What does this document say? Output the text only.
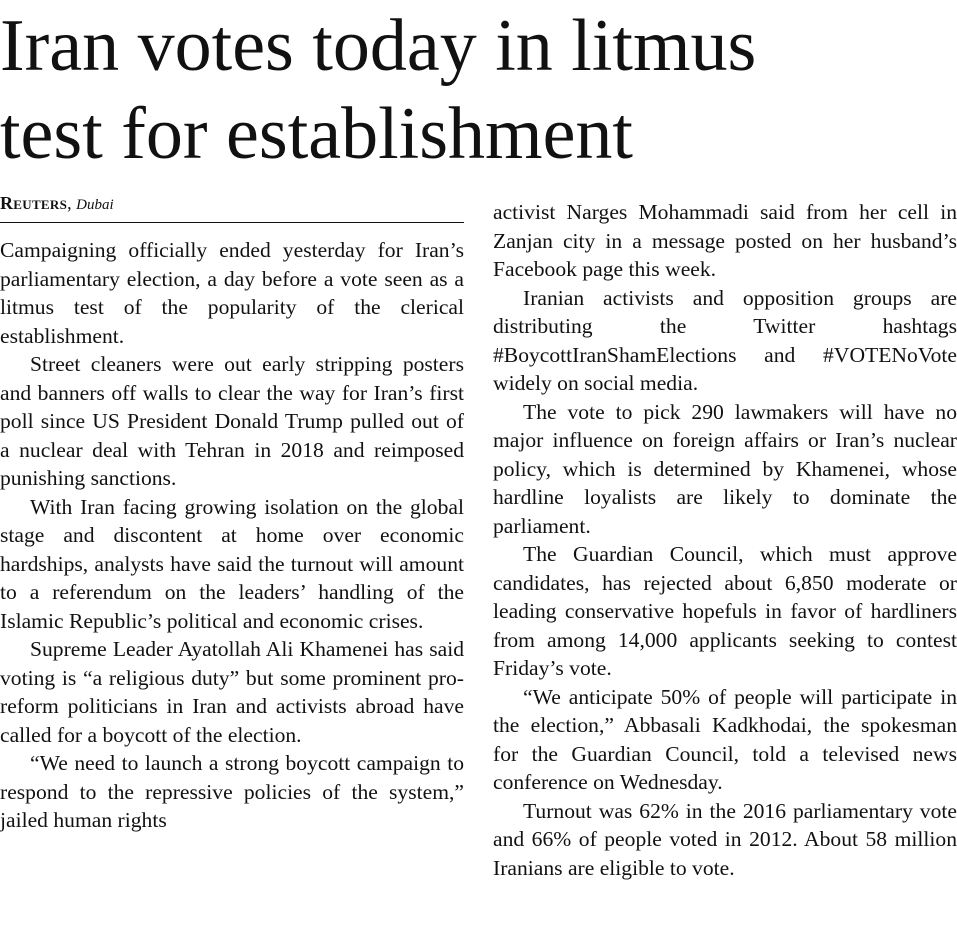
Iran votes today in litmus
test for establishment
Reuters, Dubai

Campaigning officially ended yesterday for Iran’s parliamentary election, a day before a vote seen as a litmus test of the popularity of the clerical establishment.

Street cleaners were out early stripping posters and banners off walls to clear the way for Iran’s first poll since US President Donald Trump pulled out of a nuclear deal with Tehran in 2018 and reimposed punishing sanctions.

With Iran facing growing isolation on the global stage and discontent at home over economic hardships, analysts have said the turnout will amount to a referendum on the leaders’ handling of the Islamic Republic’s political and economic crises.

Supreme Leader Ayatollah Ali Khamenei has said voting is “a religious duty” but some prominent pro-reform politicians in Iran and activists abroad have called for a boycott of the election.

“We need to launch a strong boycott campaign to respond to the repressive policies of the system,” jailed human rights

activist Narges Mohammadi said from her cell in Zanjan city in a message posted on her husband’s Facebook page this week.

Iranian activists and opposition groups are distributing the Twitter hashtags #BoycottIranShamElections and #VOTENoVote widely on social media.

The vote to pick 290 lawmakers will have no major influence on foreign affairs or Iran’s nuclear policy, which is determined by Khamenei, whose hardline loyalists are likely to dominate the parliament.

The Guardian Council, which must approve candidates, has rejected about 6,850 moderate or leading conservative hopefuls in favor of hardliners from among 14,000 applicants seeking to contest Friday’s vote.

“We anticipate 50% of people will participate in the election,” Abbasali Kadkhodai, the spokesman for the Guardian Council, told a televised news conference on Wednesday.

Turnout was 62% in the 2016 parliamentary vote and 66% of people voted in 2012. About 58 million Iranians are eligible to vote.
